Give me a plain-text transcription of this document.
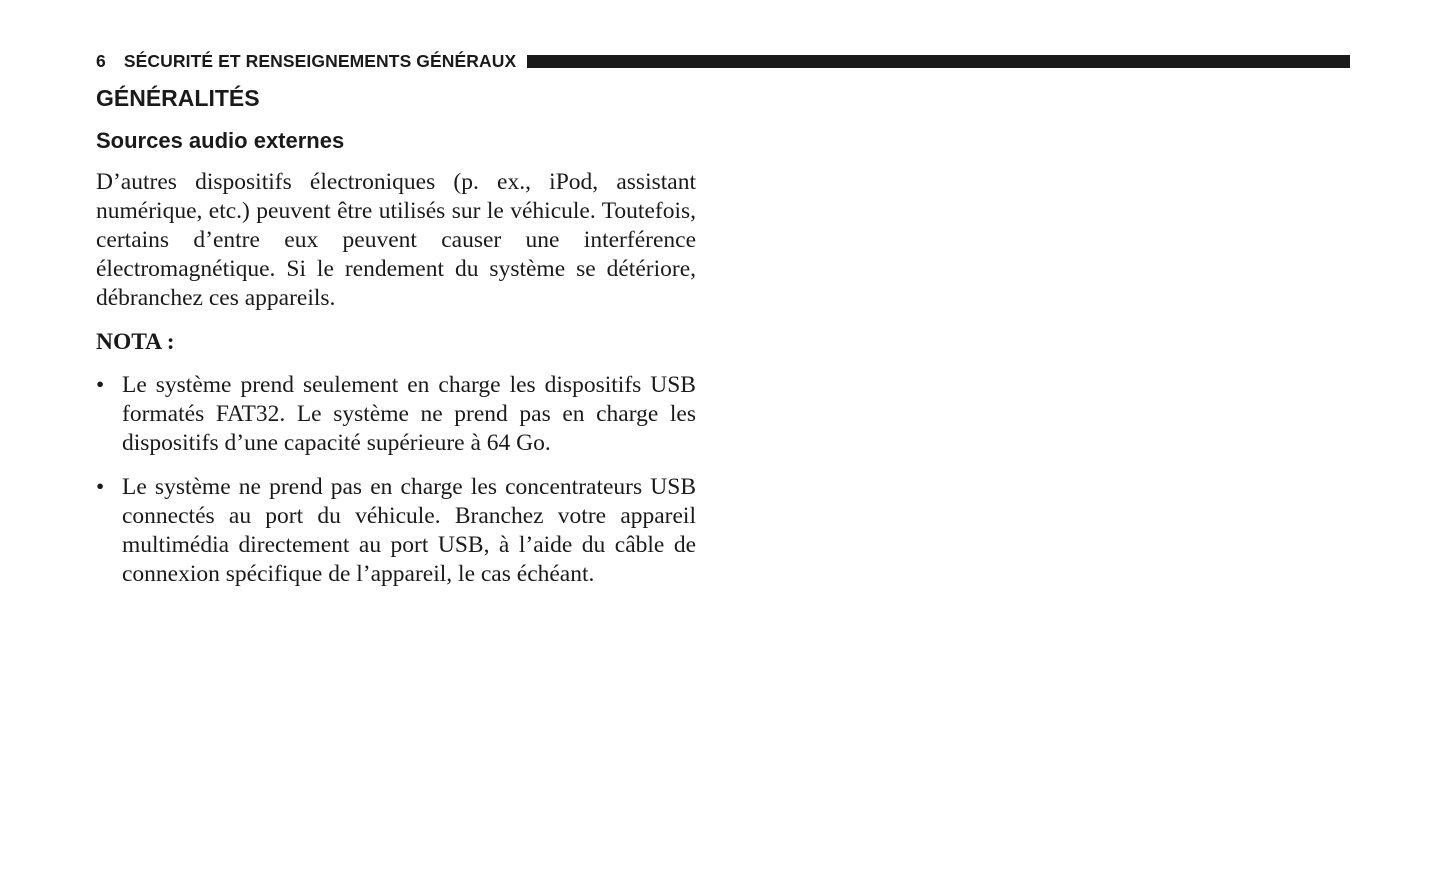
6 SÉCURITÉ ET RENSEIGNEMENTS GÉNÉRAUX
GÉNÉRALITÉS
Sources audio externes

D’autres dispositifs électroniques (p. ex., iPod, assistant numérique, etc.) peuvent être utilisés sur le véhicule. Toutefois, certains d’entre eux peuvent causer une interférence électromagnétique. Si le rendement du système se détériore, débranchez ces appareils.

NOTA :

• Le système prend seulement en charge les dispositifs USB formatés FAT32. Le système ne prend pas en charge les dispositifs d’une capacité supérieure à 64 Go.
• Le système ne prend pas en charge les concentrateurs USB connectés au port du véhicule. Branchez votre appareil multimédia directement au port USB, à l’aide du câble de connexion spécifique de l’appareil, le cas échéant.
